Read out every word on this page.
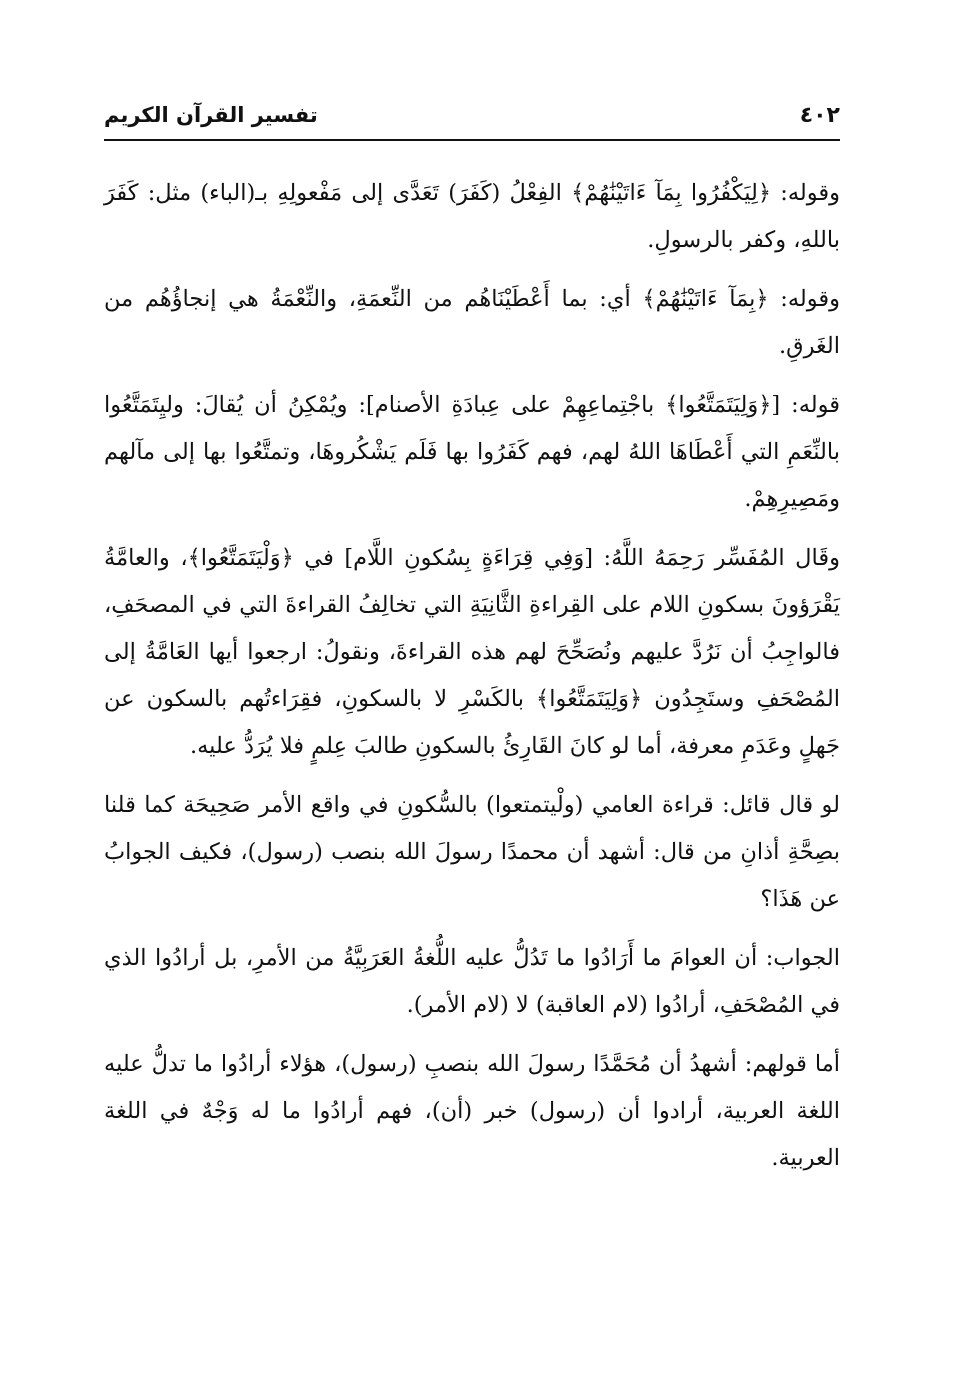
تفسير القرآن الكريم	٤٠٢

وقوله: ﴿لِيَكْفُرُوا بِمَآ ءَاتَيْنَٰهُمْ﴾ الفِعْلُ (كَفَرَ) تَعَدَّى إلى مَفْعولِهِ بـ(الباء) مثل: كَفَرَ باللهِ، وكفر بالرسولِ.

وقوله: ﴿بِمَآ ءَاتَيْنَٰهُمْ﴾ أي: بما أَعْطَيْنَاهُم من النِّعمَةِ، والنِّعْمَةُ هي إنجاؤُهُم من الغَرقِ.

قوله: [﴿وَلِيَتَمَتَّعُوا﴾ باجْتِماعِهِمْ على عِبادَةِ الأصنام]: ويُمْكِنُ أن يُقالَ: وليِتَمَتَّعُوا بالنِّعَمِ التي أَعْطَاهَا اللهُ لهم، فهم كَفَرُوا بها فَلَم يَشْكُروهَا، وتمتَّعُوا بها إلى مآلهم ومَصِيرِهِمْ.

وقَال المُفَسِّر رَحِمَهُ اللَّهُ: [وَفِي قِرَاءَةٍ بِسُكونِ اللَّام] في ﴿وَلْيَتَمَتَّعُوا﴾، والعامَّةُ يَقْرَؤونَ بسكونِ اللام على القِراءةِ الثَّانِيَةِ التي تخالِفُ القراءةَ التي في المصحَفِ، فالواجِبُ أن نَرُدَّ عليهم ونُصَحِّحَ لهم هذه القراءةَ، ونقولُ: ارجعوا أيها العَامَّةُ إلى المُصْحَفِ وستَجِدُون ﴿وَلِيَتَمَتَّعُوا﴾ بالكَسْرِ لا بالسكونِ، فقِرَاءتُهم بالسكون عن جَهلٍ وعَدَمِ معرفة، أما لو كانَ القَارِئُ بالسكونِ طالبَ عِلمٍ فلا يُرَدُّ عليه.

لو قال قائل: قراءة العامي (ولْيتمتعوا) بالسُّكونِ في واقع الأمر صَحِيحَة كما قلنا بصِحَّةِ أذانِ من قال: أشهد أن محمدًا رسولَ الله بنصب (رسول)، فكيف الجوابُ عن هَذَا؟

الجواب: أن العوامَ ما أَرَادُوا ما تَدُلُّ عليه اللُّغةُ العَرَبِيَّةُ من الأمرِ، بل أرادُوا الذي في المُصْحَفِ، أرادُوا (لام العاقبة) لا (لام الأمر).

أما قولهم: أشهدُ أن مُحَمَّدًا رسولَ الله بنصبِ (رسول)، هؤلاء أرادُوا ما تدلُّ عليه اللغة العربية، أرادوا أن (رسول) خبر (أن)، فهم أرادُوا ما له وَجْهٌ في اللغة العربية.
